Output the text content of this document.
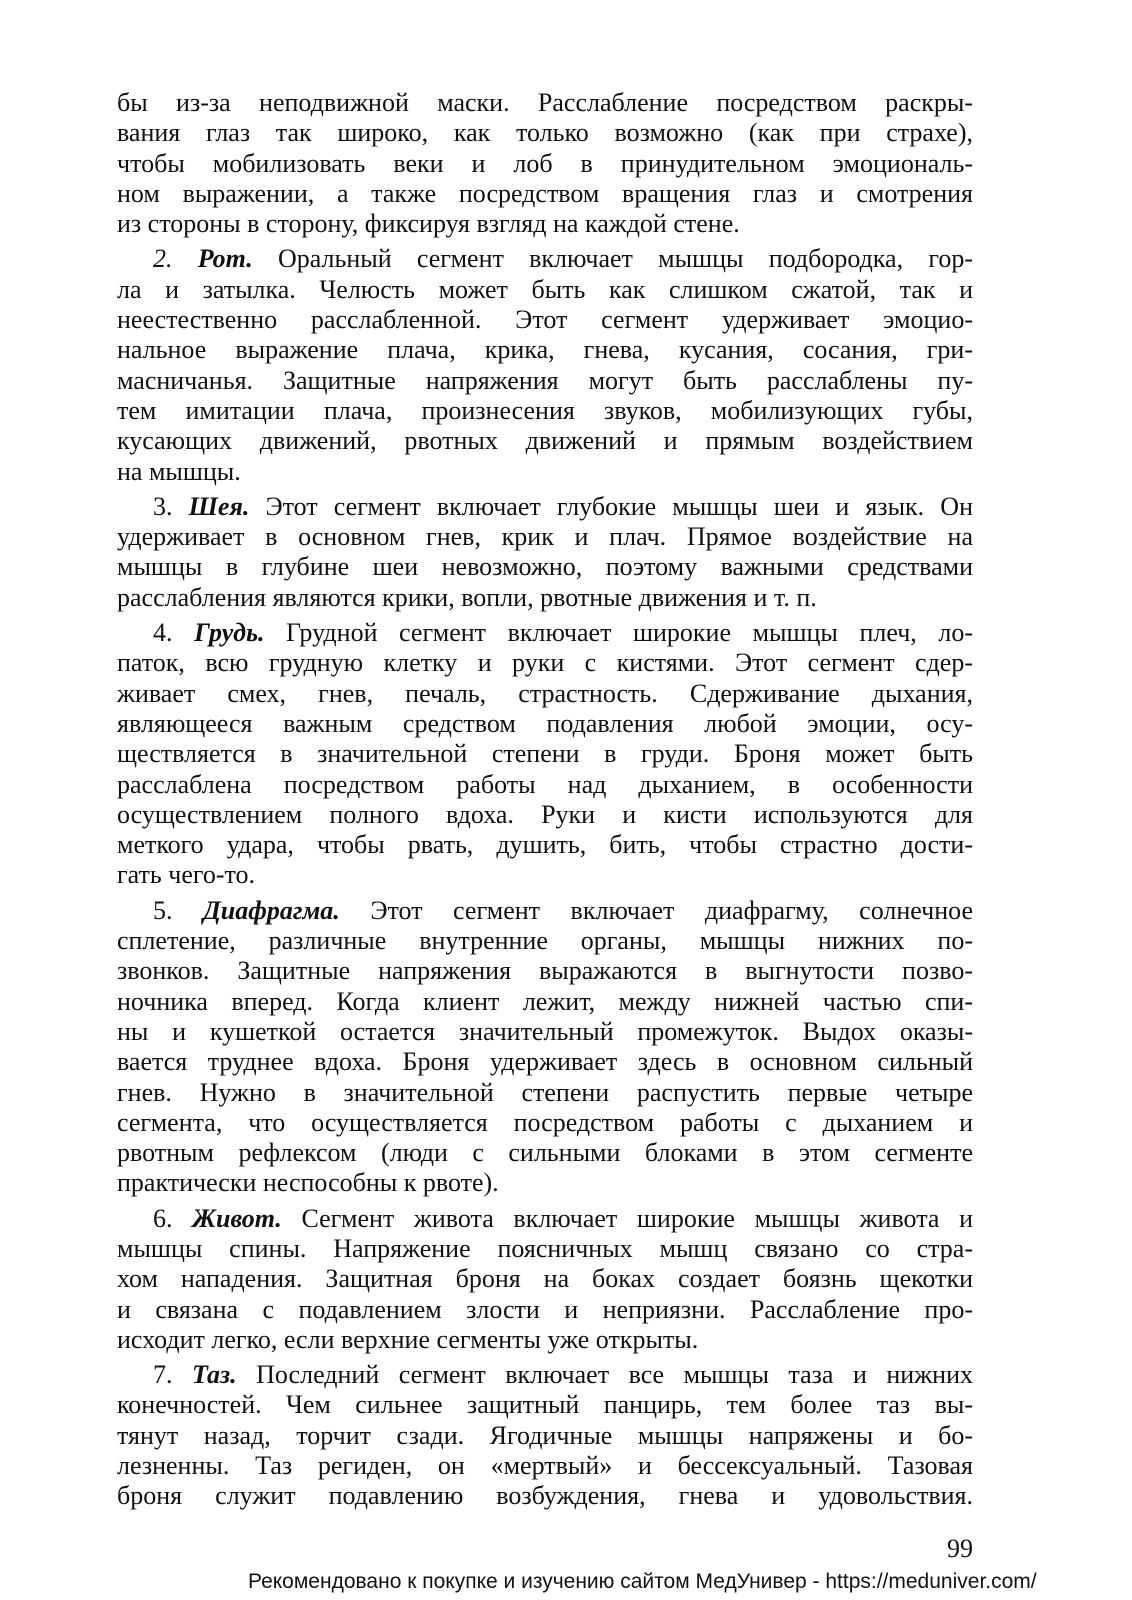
бы из-за неподвижной маски. Расслабление посредством раскры-
вания глаз так широко, как только возможно (как при страхе),
чтобы мобилизовать веки и лоб в принудительном эмоциональ-
ном выражении, а также посредством вращения глаз и смотрения
из стороны в сторону, фиксируя взгляд на каждой стене.
2. Рот. Оральный сегмент включает мышцы подбородка, гор-
ла и затылка. Челюсть может быть как слишком сжатой, так и
неестественно расслабленной. Этот сегмент удерживает эмоцио-
нальное выражение плача, крика, гнева, кусания, сосания, гри-
масничанья. Защитные напряжения могут быть расслаблены пу-
тем имитации плача, произнесения звуков, мобилизующих губы,
кусающих движений, рвотных движений и прямым воздействием
на мышцы.
3. Шея. Этот сегмент включает глубокие мышцы шеи и язык. Он
удерживает в основном гнев, крик и плач. Прямое воздействие на
мышцы в глубине шеи невозможно, поэтому важными средствами
расслабления являются крики, вопли, рвотные движения и т. п.
4. Грудь. Грудной сегмент включает широкие мышцы плеч, ло-
паток, всю грудную клетку и руки с кистями. Этот сегмент сдер-
живает смех, гнев, печаль, страстность. Сдерживание дыхания,
являющееся важным средством подавления любой эмоции, осу-
ществляется в значительной степени в груди. Броня может быть
расслаблена посредством работы над дыханием, в особенности
осуществлением полного вдоха. Руки и кисти используются для
меткого удара, чтобы рвать, душить, бить, чтобы страстно дости-
гать чего-то.
5. Диафрагма. Этот сегмент включает диафрагму, солнечное
сплетение, различные внутренние органы, мышцы нижних по-
звонков. Защитные напряжения выражаются в выгнутости позво-
ночника вперед. Когда клиент лежит, между нижней частью спи-
ны и кушеткой остается значительный промежуток. Выдох оказы-
вается труднее вдоха. Броня удерживает здесь в основном сильный
гнев. Нужно в значительной степени распустить первые четыре
сегмента, что осуществляется посредством работы с дыханием и
рвотным рефлексом (люди с сильными блоками в этом сегменте
практически неспособны к рвоте).
6. Живот. Сегмент живота включает широкие мышцы живота и
мышцы спины. Напряжение поясничных мышц связано со стра-
хом нападения. Защитная броня на боках создает боязнь щекотки
и связана с подавлением злости и неприязни. Расслабление про-
исходит легко, если верхние сегменты уже открыты.
7. Таз. Последний сегмент включает все мышцы таза и нижних
конечностей. Чем сильнее защитный панцирь, тем более таз вы-
тянут назад, торчит сзади. Ягодичные мышцы напряжены и бо-
лезненны. Таз региден, он «мертвый» и бессексуальный. Тазовая
броня служит подавлению возбуждения, гнева и удовольствия.
99
Рекомендовано к покупке и изучению сайтом МедУнивер - https://meduniver.com/
